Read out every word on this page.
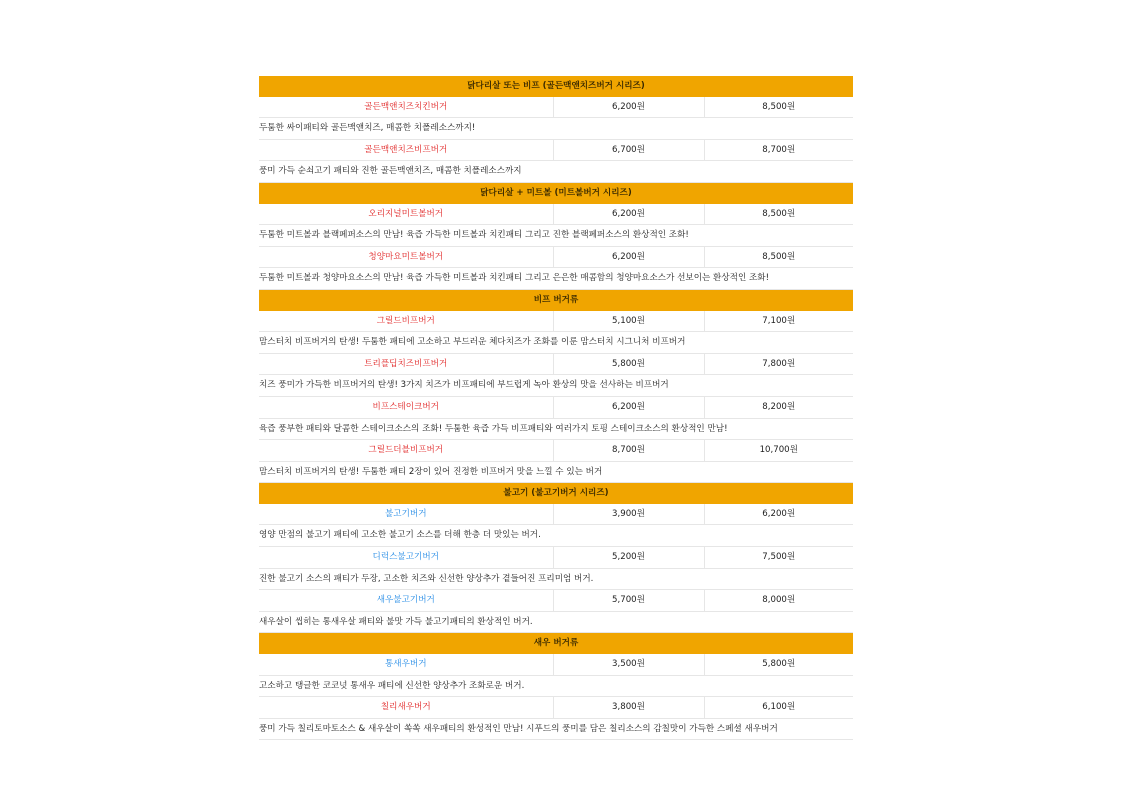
닭다리살 또는 비프 (골든맥앤치즈버거 시리즈)		
골든맥앤치즈치킨버거	6,200원	8,500원
두툼한 싸이패티와 골든맥앤치즈, 매콤한 치폴레소스까지!		
골든맥앤치즈비프버거	6,700원	8,700원
풍미 가득 순쇠고기 패티와 진한 골든맥앤치즈, 매콤한 치폴레소스까지		
닭다리살 + 미트볼 (미트볼버거 시리즈)		
오리지널미트볼버거	6,200원	8,500원
두툼한 미트볼과 블랙페퍼소스의 만남! 육즙 가득한 미트볼과 치킨패티 그리고 진한 블랙페퍼소스의 환상적인 조화!		
청양마요미트볼버거	6,200원	8,500원
두툼한 미트볼과 청양마요소스의 만남! 육즙 가득한 미트볼과 치킨패티 그리고 은은한 매콤함의 청양마요소스가 선보이는 환상적인 조화!		
비프 버거류		
그릴드비프버거	5,100원	7,100원
맘스터치 비프버거의 탄생! 두툼한 패티에 고소하고 부드러운 체다치즈가 조화를 이룬 맘스터치 시그니처 비프버거		
트리플딥치즈비프버거	5,800원	7,800원
치즈 풍미가 가득한 비프버거의 탄생! 3가지 치즈가 비프패티에 부드럽게 녹아 환상의 맛을 선사하는 비프버거		
비프스테이크버거	6,200원	8,200원
육즙 풍부한 패티와 달콤한 스테이크소스의 조화! 두툼한 육즙 가득 비프패티와 여러가지 토핑 스테이크소스의 환상적인 만남!		
그릴드더블비프버거	8,700원	10,700원
맘스터치 비프버거의 탄생! 두툼한 패티 2장이 있어 진정한 비프버거 맛을 느낄 수 있는 버거		
불고기 (불고기버거 시리즈)		
불고기버거	3,900원	6,200원
영양 만점의 불고기 패티에 고소한 불고기 소스를 더해 한층 더 맛있는 버거.		
디럭스불고기버거	5,200원	7,500원
진한 불고기 소스의 패티가 두장, 고소한 치즈와 신선한 양상추가 곁들어진 프리미엄 버거.		
새우불고기버거	5,700원	8,000원
새우살이 씹히는 통새우살 패티와 불맛 가득 불고기패티의 환상적인 버거.		
새우 버거류		
통새우버거	3,500원	5,800원
고소하고 탱글한 코코넛 통새우 패티에 신선한 양상추가 조화로운 버거.		
칠리새우버거	3,800원	6,100원
풍미 가득 칠리토마토소스 & 새우살이 쏙쏙 새우패티의 환성적인 만남! 시푸드의 풍미를 담은 칠리소스의 감칠맛이 가득한 스페셜 새우버거		
